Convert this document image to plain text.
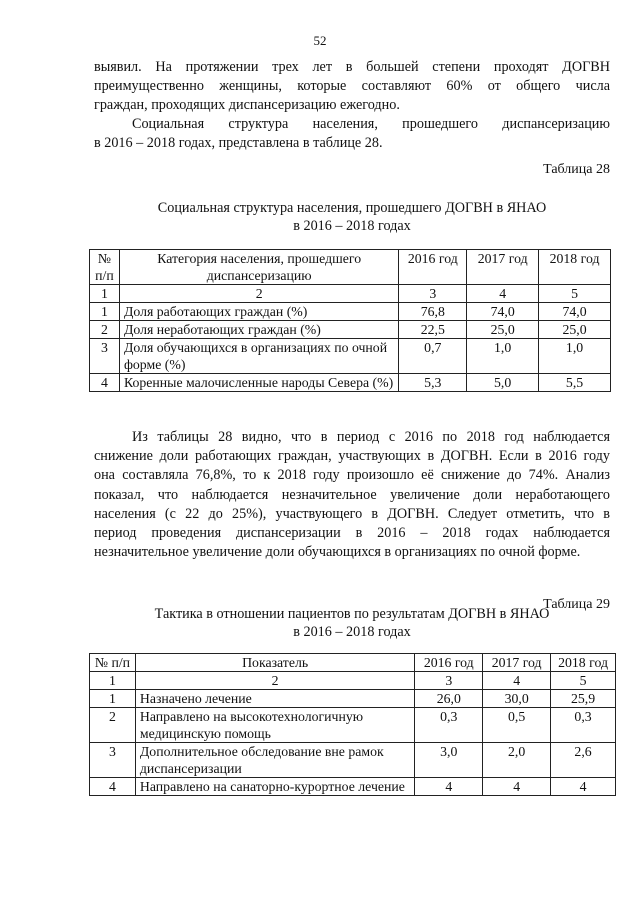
52
выявил. На протяжении трех лет в большей степени проходят ДОГВН
преимущественно женщины, которые составляют 60% от общего числа
граждан, проходящих диспансеризацию ежегодно.
Социальная структура населения, прошедшего диспансеризацию
в 2016 – 2018 годах, представлена в таблице 28.
Таблица 28
Социальная структура населения, прошедшего ДОГВН в ЯНАО
в 2016 – 2018 годах
№ п/п	Категория населения, прошедшего диспансеризацию	2016 год	2017 год	2018 год
1	2	3	4	5
1	Доля работающих граждан (%)	76,8	74,0	74,0
2	Доля неработающих граждан (%)	22,5	25,0	25,0
3	Доля обучающихся в организациях по очной форме (%)	0,7	1,0	1,0
4	Коренные малочисленные народы Севера (%)	5,3	5,0	5,5
Из таблицы 28 видно, что в период с 2016 по 2018 год наблюдается
снижение доли работающих граждан, участвующих в ДОГВН. Если в 2016 году
она составляла 76,8%, то к 2018 году произошло её снижение до 74%. Анализ
показал, что наблюдается незначительное увеличение доли неработающего
населения (с 22 до 25%), участвующего в ДОГВН. Следует отметить, что в
период проведения диспансеризации в 2016 – 2018 годах наблюдается
незначительное увеличение доли обучающихся в организациях по очной форме.
Таблица 29
Тактика в отношении пациентов по результатам ДОГВН в ЯНАО
в 2016 – 2018 годах
№ п/п	Показатель	2016 год	2017 год	2018 год
1	2	3	4	5
1	Назначено лечение	26,0	30,0	25,9
2	Направлено на высокотехнологичную медицинскую помощь	0,3	0,5	0,3
3	Дополнительное обследование вне рамок диспансеризации	3,0	2,0	2,6
4	Направлено на санаторно-курортное лечение	4	4	4
